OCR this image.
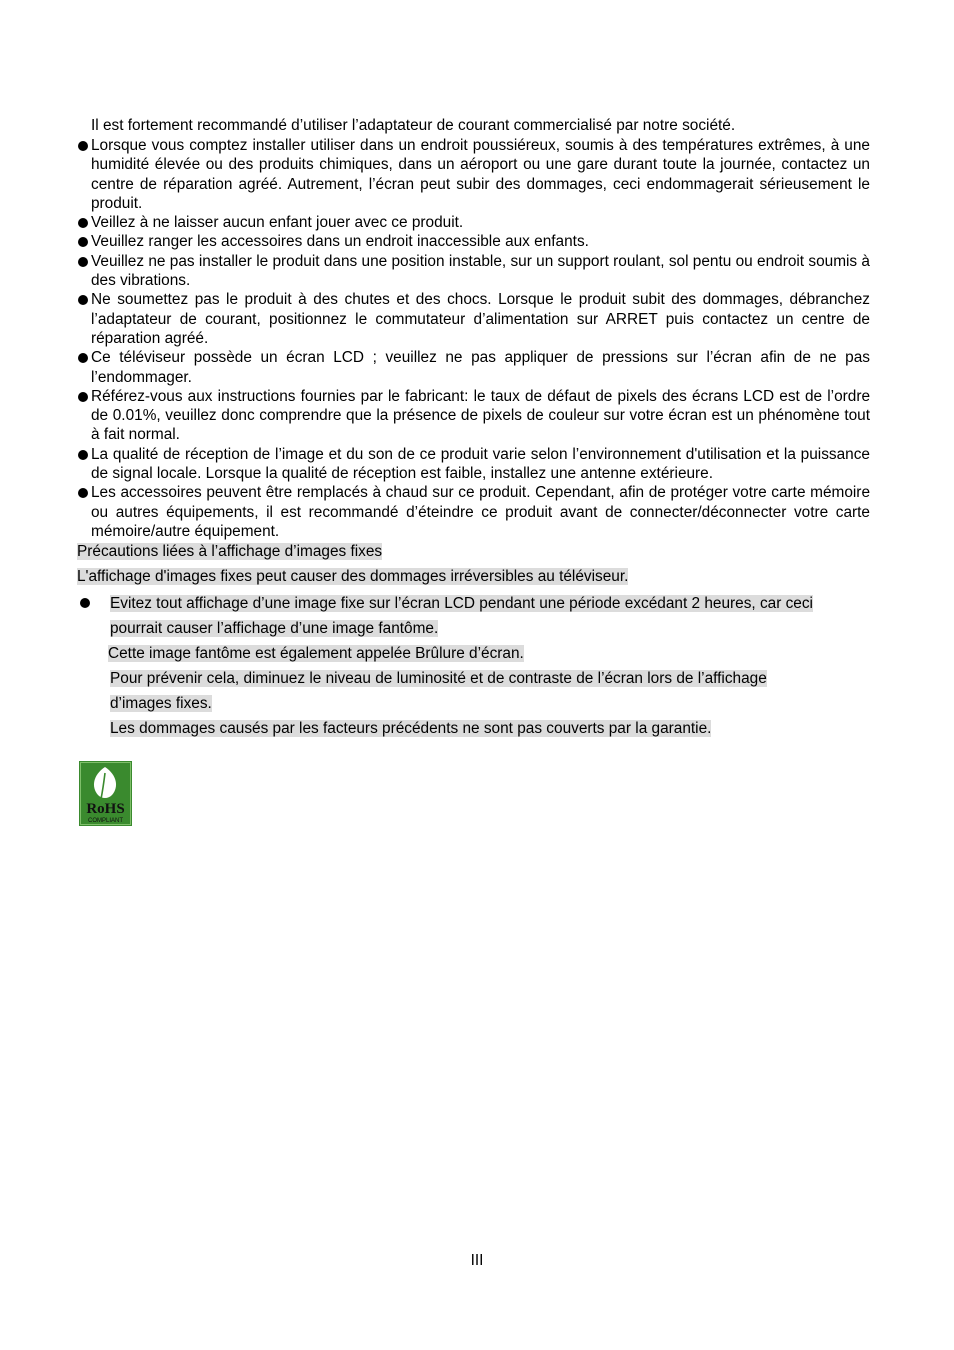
Il est fortement recommandé d’utiliser l’adaptateur de courant commercialisé par notre société.
Lorsque vous comptez installer utiliser dans un endroit poussiéreux, soumis à des températures extrêmes, à une humidité élevée ou des produits chimiques, dans un aéroport ou une gare durant toute la journée, contactez un centre de réparation agréé. Autrement, l’écran peut subir des dommages, ceci endommagerait sérieusement le produit.
Veillez à ne laisser aucun enfant jouer avec ce produit.
Veuillez ranger les accessoires dans un endroit inaccessible aux enfants.
Veuillez ne pas installer le produit dans une position instable, sur un support roulant, sol pentu ou endroit soumis à des vibrations.
Ne soumettez pas le produit à des chutes et des chocs. Lorsque le produit subit des dommages, débranchez l’adaptateur de courant, positionnez le commutateur d’alimentation sur ARRET puis contactez un centre de réparation agréé.
Ce téléviseur possède un écran LCD ; veuillez ne pas appliquer de pressions sur l’écran afin de ne pas l’endommager.
Référez-vous aux instructions fournies par le fabricant: le taux de défaut de pixels des écrans LCD est de l’ordre de 0.01%, veuillez donc comprendre que la présence de pixels de couleur sur votre écran est un phénomène tout à fait normal.
La qualité de réception de l’image et du son de ce produit varie selon l’environnement d'utilisation et la puissance de signal locale. Lorsque la qualité de réception est faible, installez une antenne extérieure.
Les accessoires peuvent être remplacés à chaud sur ce produit. Cependant, afin de protéger votre carte mémoire ou autres équipements, il est recommandé d’éteindre ce produit avant de connecter/déconnecter votre carte mémoire/autre équipement.
Précautions liées à l’affichage d’images fixes
L'affichage d'images fixes peut causer des dommages irréversibles au téléviseur.
Evitez tout affichage d’une image fixe sur l’écran LCD pendant une période excédant 2 heures, car ceci
pourrait causer l’affichage d’une image fantôme.
Cette image fantôme est également appelée Brûlure d’écran.
Pour prévenir cela, diminuez le niveau de luminosité et de contraste de l’écran lors de l’affichage
d’images fixes.
Les dommages causés par les facteurs précédents ne sont pas couverts par la garantie.
RoHS
COMPLIANT
III
